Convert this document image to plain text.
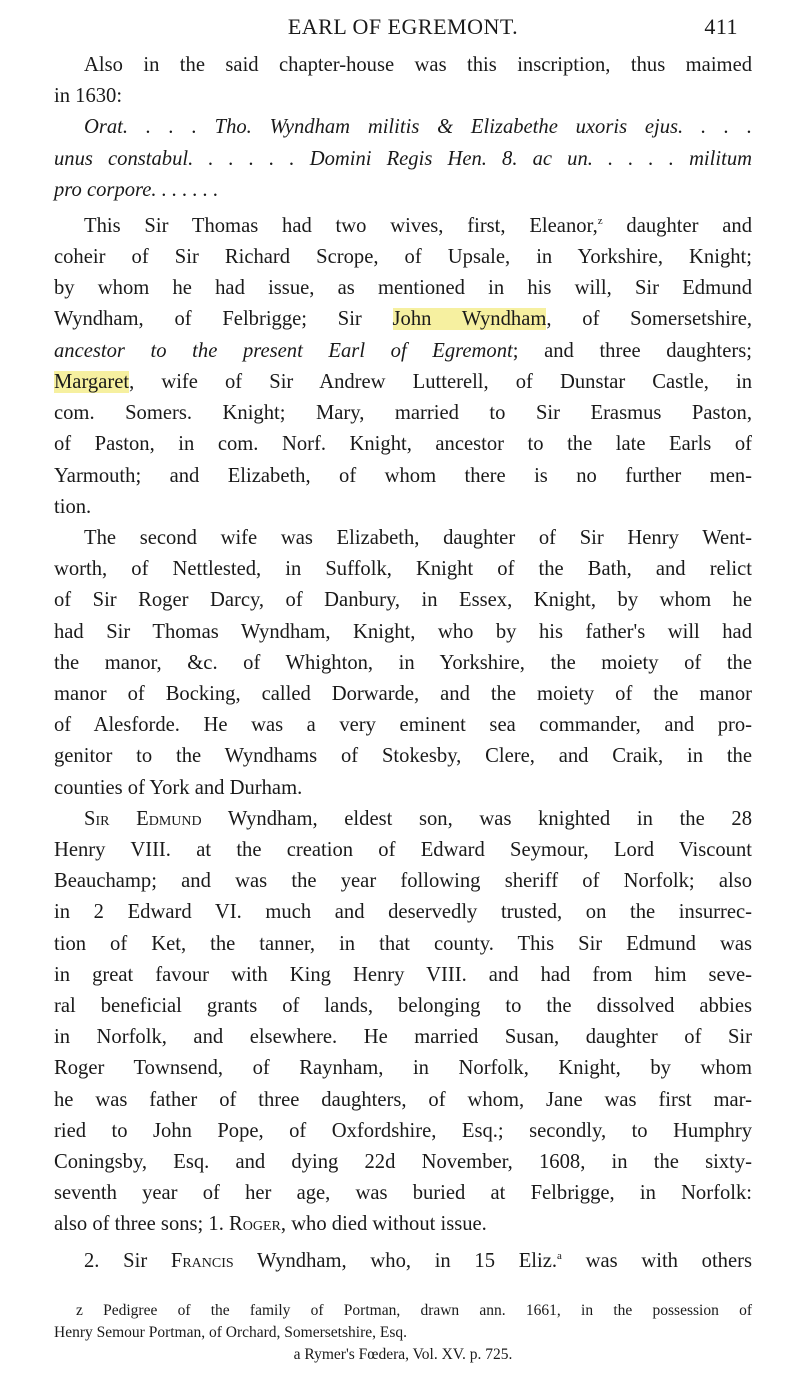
EARL OF EGREMONT.	411

Also in the said chapter-house was this inscription, thus maimed
in 1630:

Orat. . . . Tho. Wyndham militis & Elizabethe uxoris ejus. . . .
unus constabul. . . . . . Domini Regis Hen. 8. ac un. . . . . militum
pro corpore. . . . . . .

This Sir Thomas had two wives, first, Eleanor,$^z$ daughter and
coheir of Sir Richard Scrope, of Upsale, in Yorkshire, Knight;
by whom he had issue, as mentioned in his will, Sir Edmund
Wyndham, of Felbrigge; Sir John Wyndham, of Somersetshire,
ancestor to the present Earl of Egremont; and three daughters;
Margaret, wife of Sir Andrew Lutterell, of Dunstar Castle, in
com. Somers. Knight; Mary, married to Sir Erasmus Paston,
of Paston, in com. Norf. Knight, ancestor to the late Earls of
Yarmouth; and Elizabeth, of whom there is no further men-
tion.

The second wife was Elizabeth, daughter of Sir Henry Went-
worth, of Nettlested, in Suffolk, Knight of the Bath, and relict
of Sir Roger Darcy, of Danbury, in Essex, Knight, by whom he
had Sir Thomas Wyndham, Knight, who by his father's will had
the manor, &c. of Whighton, in Yorkshire, the moiety of the
manor of Bocking, called Dorwarde, and the moiety of the manor
of Alesforde. He was a very eminent sea commander, and pro-
genitor to the Wyndhams of Stokesby, Clere, and Craik, in the
counties of York and Durham.

Sir Edmund Wyndham, eldest son, was knighted in the 28
Henry VIII. at the creation of Edward Seymour, Lord Viscount
Beauchamp; and was the year following sheriff of Norfolk; also
in 2 Edward VI. much and deservedly trusted, on the insurrec-
tion of Ket, the tanner, in that county. This Sir Edmund was
in great favour with King Henry VIII. and had from him seve-
ral beneficial grants of lands, belonging to the dissolved abbies
in Norfolk, and elsewhere. He married Susan, daughter of Sir
Roger Townsend, of Raynham, in Norfolk, Knight, by whom
he was father of three daughters, of whom, Jane was first mar-
ried to John Pope, of Oxfordshire, Esq.; secondly, to Humphry
Coningsby, Esq. and dying 22d November, 1608, in the sixty-
seventh year of her age, was buried at Felbrigge, in Norfolk:
also of three sons; 1. Roger, who died without issue.

2. Sir Francis Wyndham, who, in 15 Eliz.$^a$ was with others

z Pedigree of the family of Portman, drawn ann. 1661, in the possession of
Henry Semour Portman, of Orchard, Somersetshire, Esq.
a Rymer's Fœdera, Vol. XV. p. 725.
